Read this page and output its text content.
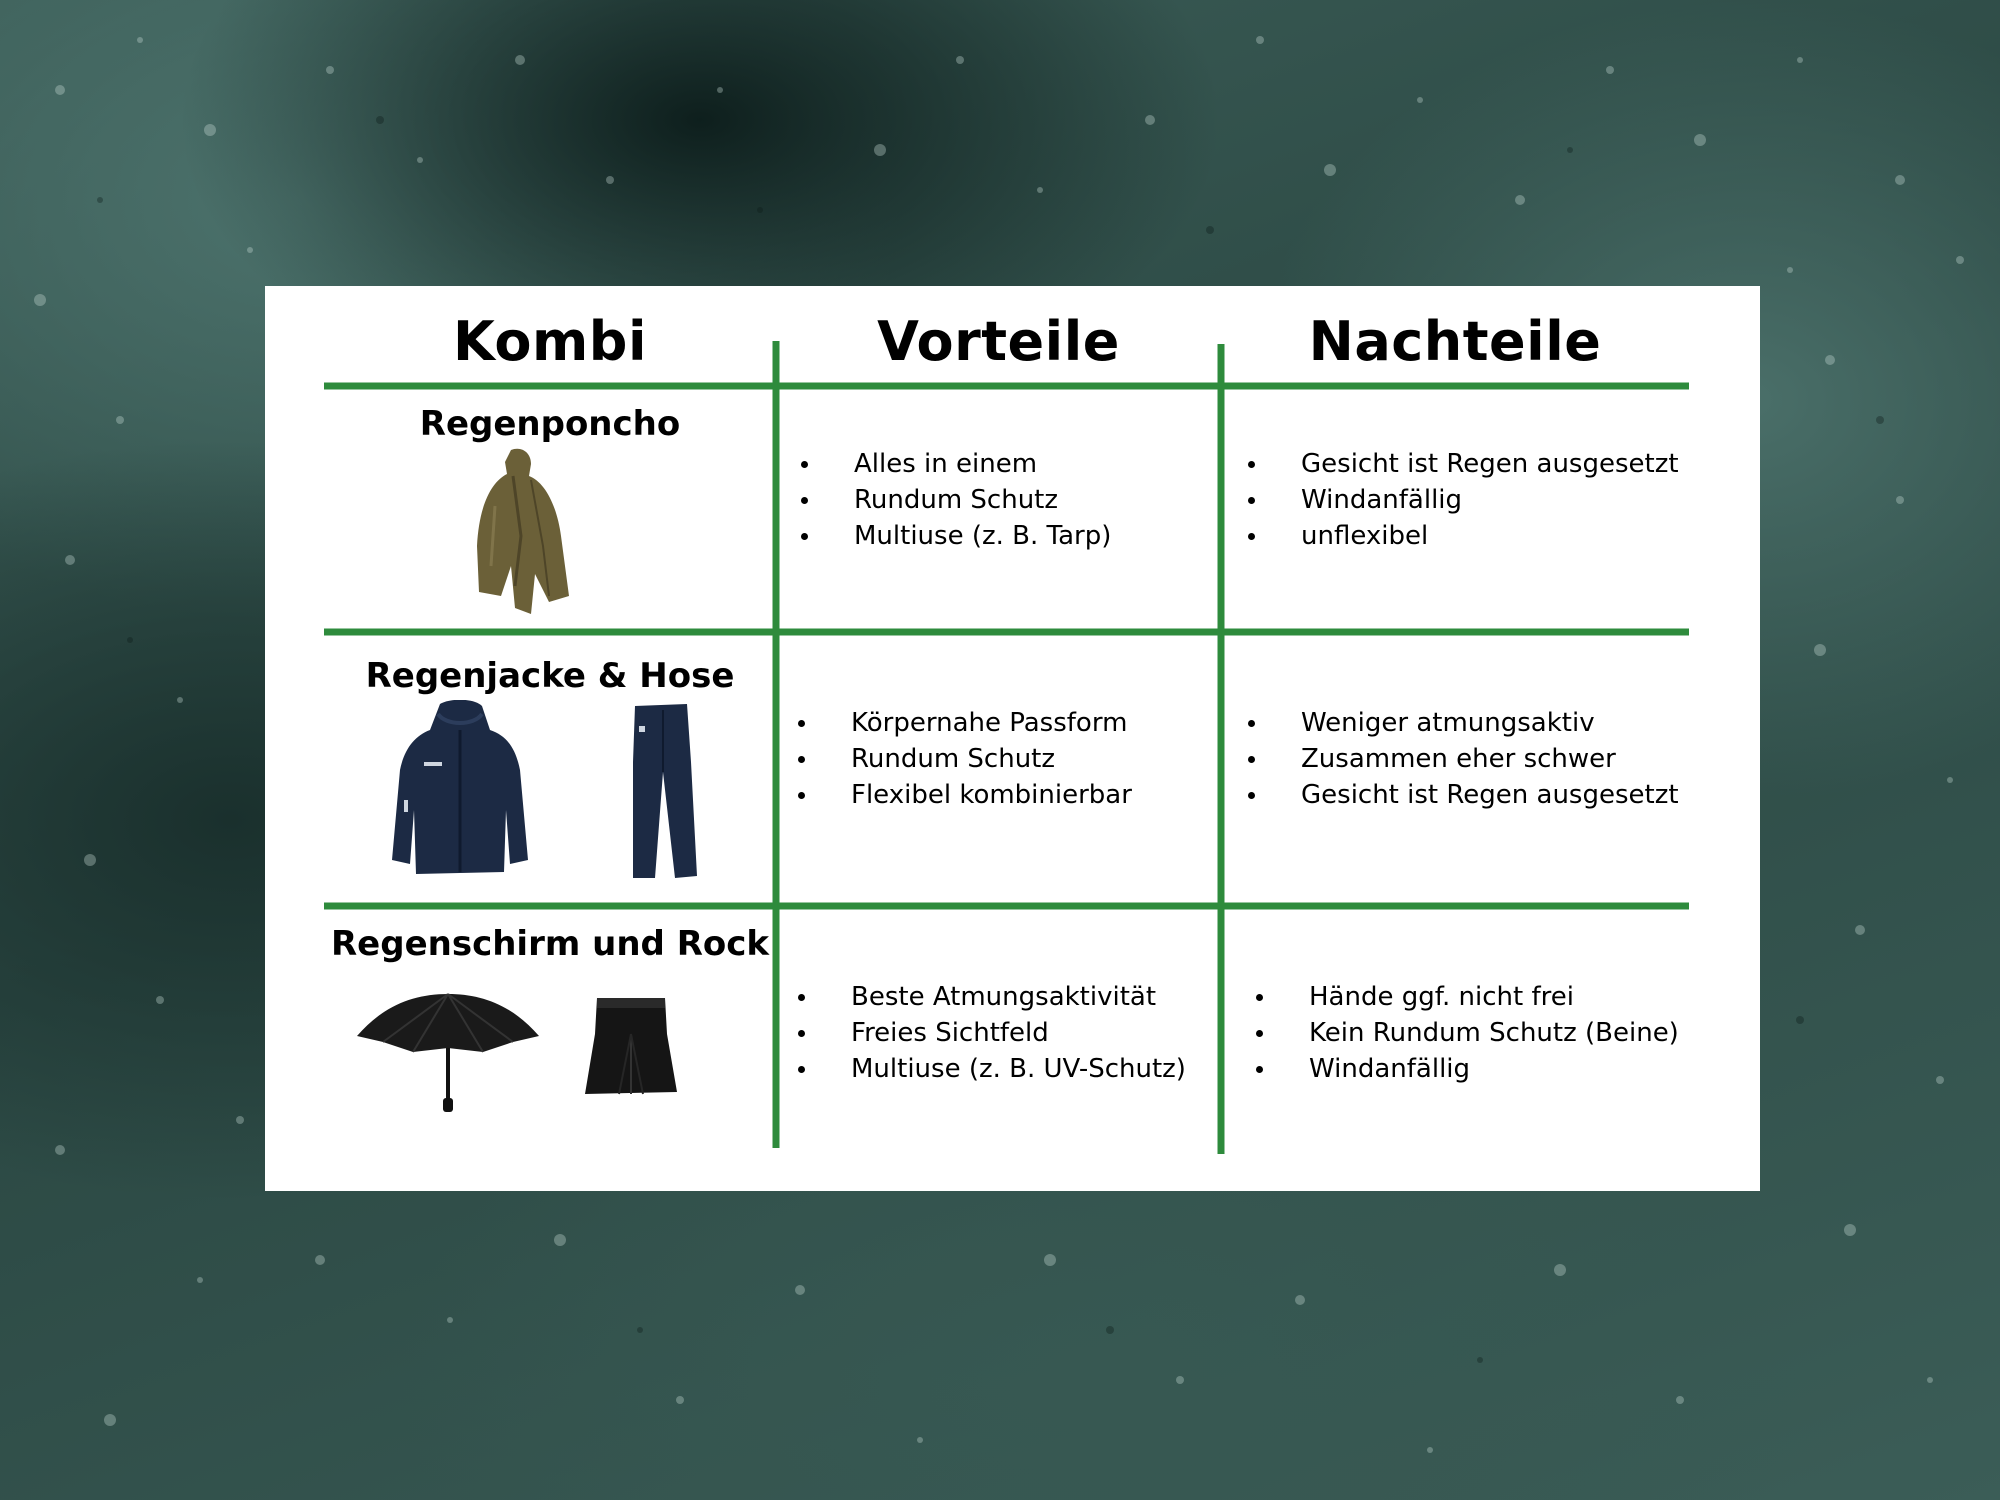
Kombi	Vorteile	Nachteile
Regenponcho
Alles in einem
Rundum Schutz
Multiuse (z. B. Tarp)
Gesicht ist Regen ausgesetzt
Windanfällig
unflexibel
Regenjacke & Hose
Körpernahe Passform
Rundum Schutz
Flexibel kombinierbar
Weniger atmungsaktiv
Zusammen eher schwer
Gesicht ist Regen ausgesetzt
Regenschirm und Rock
Beste Atmungsaktivität
Freies Sichtfeld
Multiuse (z. B. UV-Schutz)
Hände ggf. nicht frei
Kein Rundum Schutz (Beine)
Windanfällig
